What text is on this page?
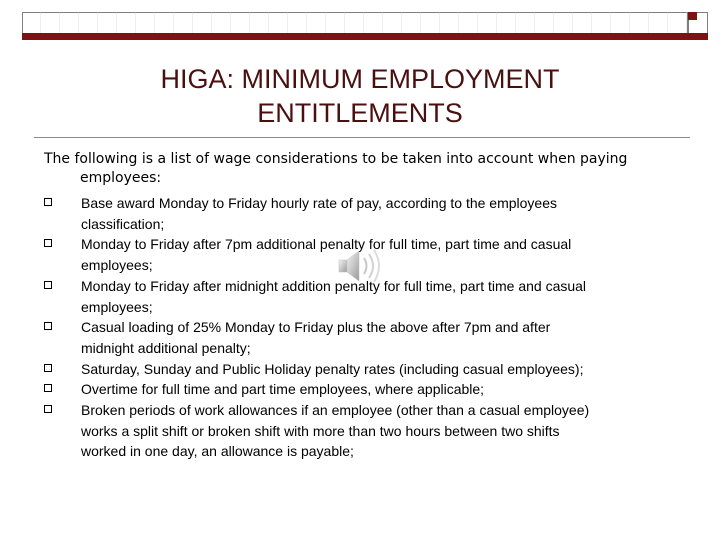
HIGA: MINIMUM EMPLOYMENT
ENTITLEMENTS
The following is a list of wage considerations to be taken into account when paying
employees:
Base award Monday to Friday hourly rate of pay, according to the employees
classification;
Monday to Friday after 7pm additional penalty for full time, part time and casual
employees;
Monday to Friday after midnight addition penalty for full time, part time and casual
employees;
Casual loading of 25% Monday to Friday plus the above after 7pm and after
midnight additional penalty;
Saturday, Sunday and Public Holiday penalty rates (including casual employees);
Overtime for full time and part time employees, where applicable;
Broken periods of work allowances if an employee (other than a casual employee)
works a split shift or broken shift with more than two hours between two shifts
worked in one day, an allowance is payable;
